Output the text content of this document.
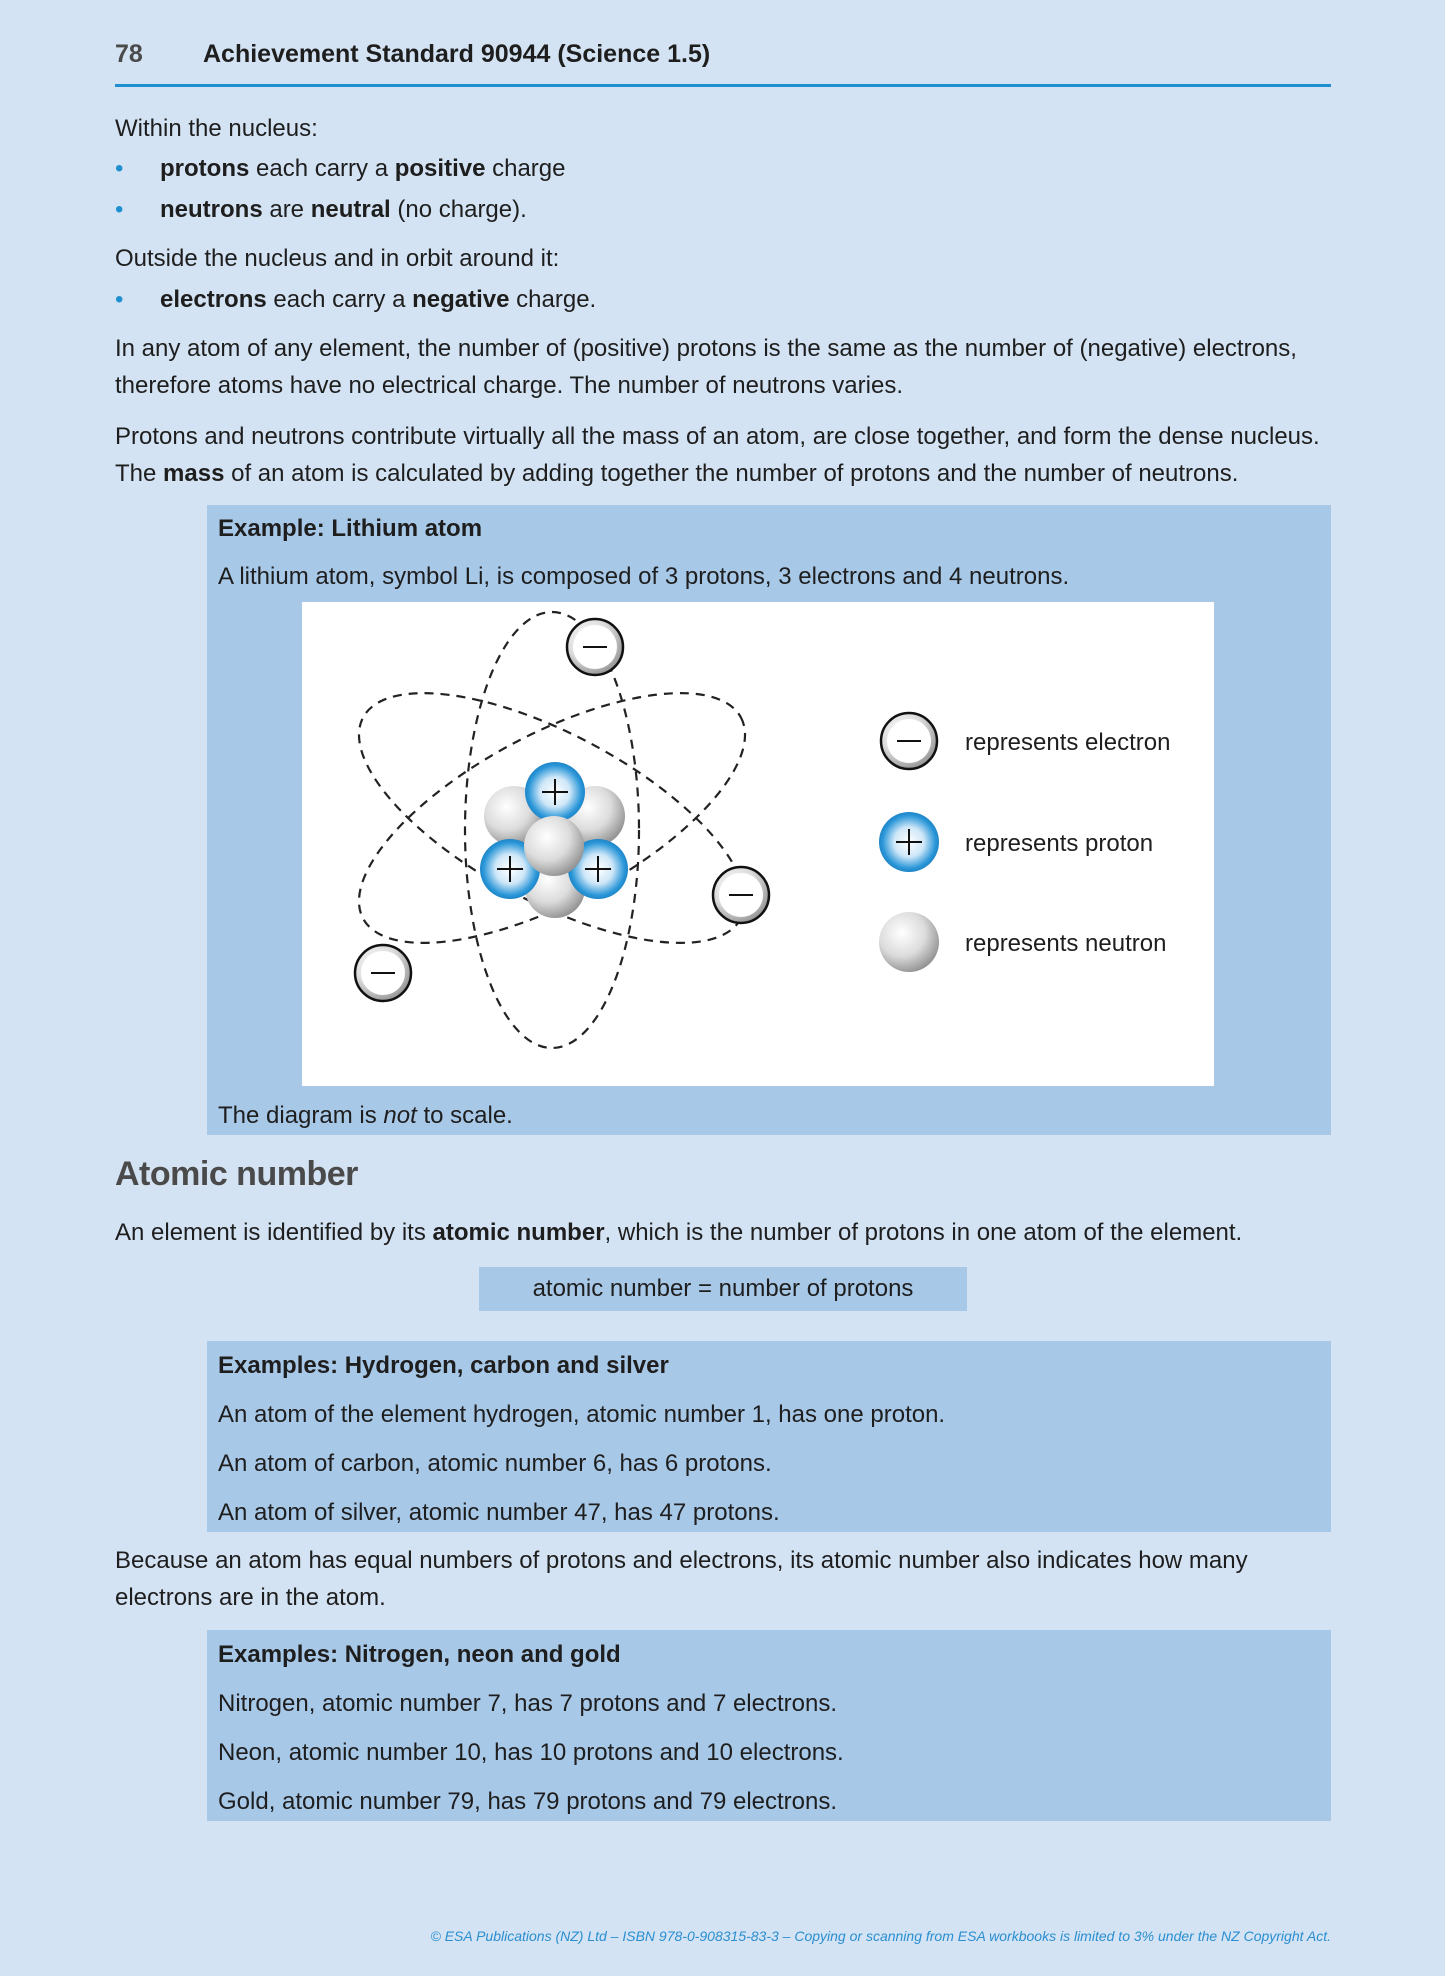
78 Achievement Standard 90944 (Science 1.5)
Within the nucleus:
• protons each carry a positive charge
• neutrons are neutral (no charge).
Outside the nucleus and in orbit around it:
• electrons each carry a negative charge.
In any atom of any element, the number of (positive) protons is the same as the number of (negative) electrons,
therefore atoms have no electrical charge. The number of neutrons varies.
Protons and neutrons contribute virtually all the mass of an atom, are close together, and form the dense nucleus.
The mass of an atom is calculated by adding together the number of protons and the number of neutrons.
Example: Lithium atom
A lithium atom, symbol Li, is composed of 3 protons, 3 electrons and 4 neutrons.
The diagram is not to scale.
represents electron
represents proton
represents neutron
Atomic number
An element is identified by its atomic number, which is the number of protons in one atom of the element.
atomic number = number of protons
Examples: Hydrogen, carbon and silver
An atom of the element hydrogen, atomic number 1, has one proton.
An atom of carbon, atomic number 6, has 6 protons.
An atom of silver, atomic number 47, has 47 protons.
Because an atom has equal numbers of protons and electrons, its atomic number also indicates how many
electrons are in the atom.
Examples: Nitrogen, neon and gold
Nitrogen, atomic number 7, has 7 protons and 7 electrons.
Neon, atomic number 10, has 10 protons and 10 electrons.
Gold, atomic number 79, has 79 protons and 79 electrons.
© ESA Publications (NZ) Ltd – ISBN 978-0-908315-83-3 – Copying or scanning from ESA workbooks is limited to 3% under the NZ Copyright Act.
